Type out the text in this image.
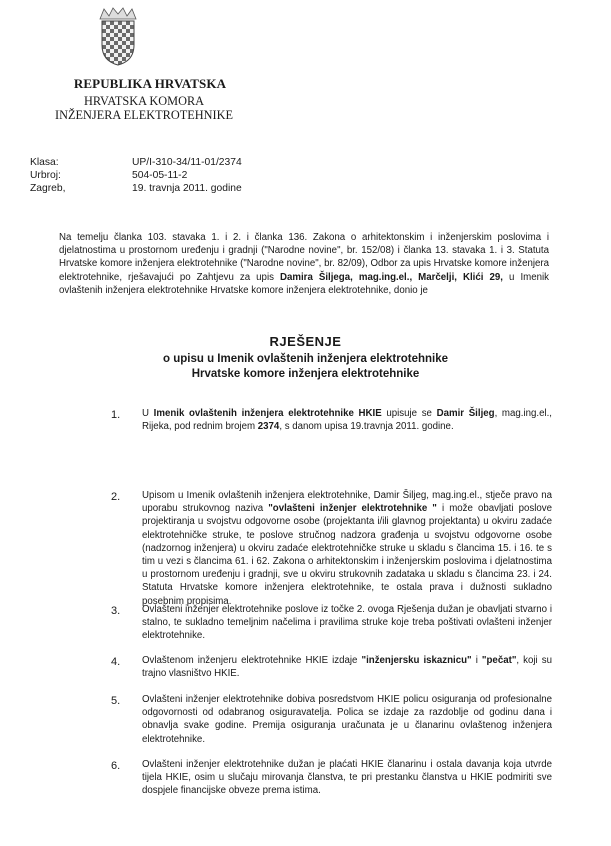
REPUBLIKA HRVATSKA
HRVATSKA KOMORA
INŽENJERA ELEKTROTEHNIKE
Klasa:	UP/I-310-34/11-01/2374
Urbroj:	504-05-11-2
Zagreb,	19. travnja 2011. godine

Na temelju članka 103. stavaka 1. i 2. i članka 136. Zakona o arhitektonskim i inženjerskim poslovima i djelatnostima u prostornom uređenju i gradnji ("Narodne novine", br. 152/08) i članka 13. stavaka 1. i 3. Statuta Hrvatske komore inženjera elektrotehnike ("Narodne novine", br. 82/09), Odbor za upis Hrvatske komore inženjera elektrotehnike, rješavajući po Zahtjevu za upis Damira Šiljega, mag.ing.el., Marčelji, Klići 29, u Imenik ovlaštenih inženjera elektrotehnike Hrvatske komore inženjera elektrotehnike, donio je

RJEŠENJE
o upisu u Imenik ovlaštenih inženjera elektrotehnike
Hrvatske komore inženjera elektrotehnike
1. U Imenik ovlaštenih inženjera elektrotehnike HKIE upisuje se Damir Šiljeg, mag.ing.el., Rijeka, pod rednim brojem 2374, s danom upisa 19.travnja 2011. godine.

2. Upisom u Imenik ovlaštenih inženjera elektrotehnike, Damir Šiljeg, mag.ing.el., stječe pravo na uporabu strukovnog naziva "ovlašteni inženjer elektrotehnike " i može obavljati poslove projektiranja u svojstvu odgovorne osobe (projektanta i/ili glavnog projektanta) u okviru zadaće elektrotehničke struke, te poslove stručnog nadzora građenja u svojstvu odgovorne osobe (nadzornog inženjera) u okviru zadaće elektrotehničke struke u skladu s člancima 15. i 16. te s tim u vezi s člancima 61. i 62. Zakona o arhitektonskim i inženjerskim poslovima i djelatnostima u prostornom uređenju i gradnji, sve u okviru strukovnih zadataka u skladu s člancima 23. i 24. Statuta Hrvatske komore inženjera elektrotehnike, te ostala prava i dužnosti sukladno posebnim propisima.

3. Ovlašteni inženjer elektrotehnike poslove iz točke 2. ovoga Rješenja dužan je obavljati stvarno i stalno, te sukladno temeljnim načelima i pravilima struke koje treba poštivati ovlašteni inženjer elektrotehnike.

4. Ovlaštenom inženjeru elektrotehnike HKIE izdaje "inženjersku iskaznicu" i "pečat", koji su trajno vlasništvo HKIE.

5. Ovlašteni inženjer elektrotehnike dobiva posredstvom HKIE policu osiguranja od profesionalne odgovornosti od odabranog osiguravatelja. Polica se izdaje za razdoblje od godinu dana i obnavlja svake godine. Premija osiguranja uračunata je u članarinu ovlaštenog inženjera elektrotehnike.

6. Ovlašteni inženjer elektrotehnike dužan je plaćati HKIE članarinu i ostala davanja koja utvrde tijela HKIE, osim u slučaju mirovanja članstva, te pri prestanku članstva u HKIE podmiriti sve dospjele financijske obveze prema istima.
